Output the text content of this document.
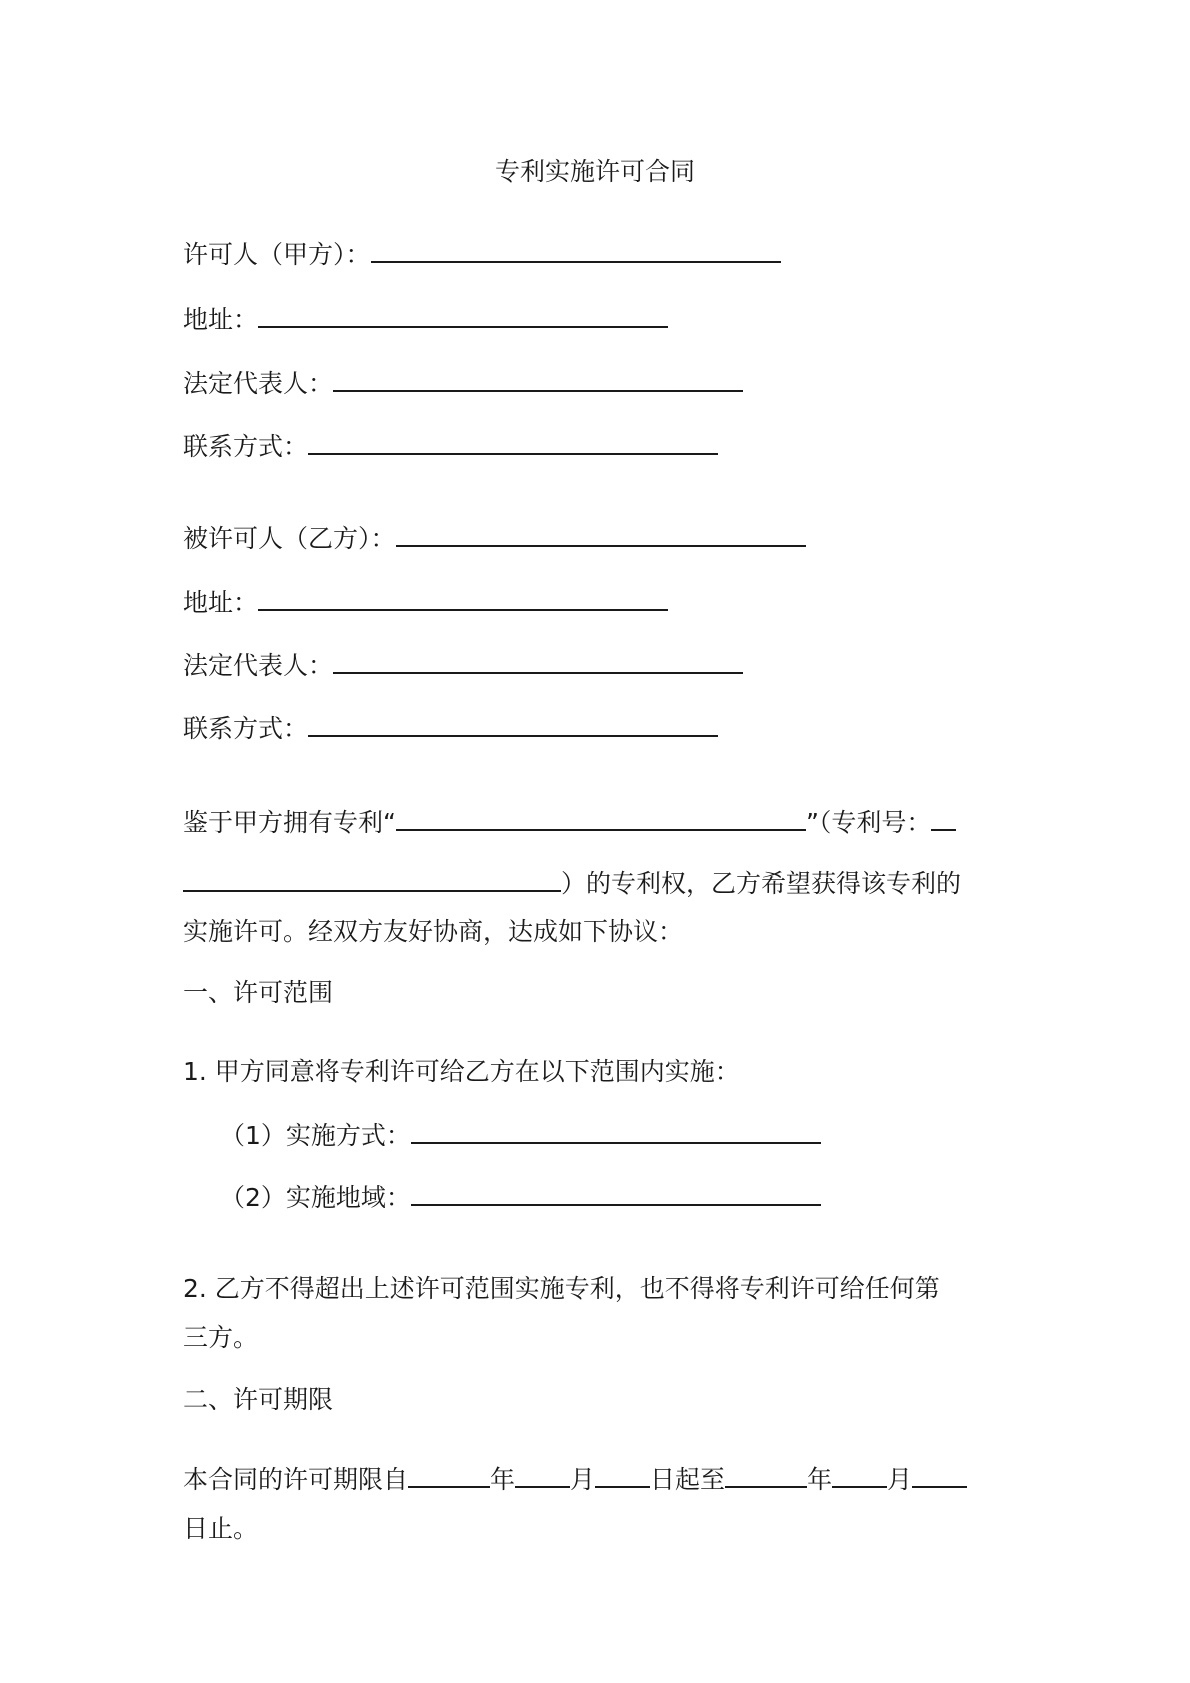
专利实施许可合同
许可人（甲方）：
地址：
法定代表人：
联系方式：
被许可人（乙方）：
地址：
法定代表人：
联系方式：
鉴于甲方拥有专利“	”（专利号：
）的专利权，乙方希望获得该专利的
实施许可。经双方友好协商，达成如下协议：
一、许可范围
1. 甲方同意将专利许可给乙方在以下范围内实施：
（1）实施方式：
（2）实施地域：
2. 乙方不得超出上述许可范围实施专利，也不得将专利许可给任何第
三方。
二、许可期限
本合同的许可期限自	年 月 日起至	年 月
日止。
